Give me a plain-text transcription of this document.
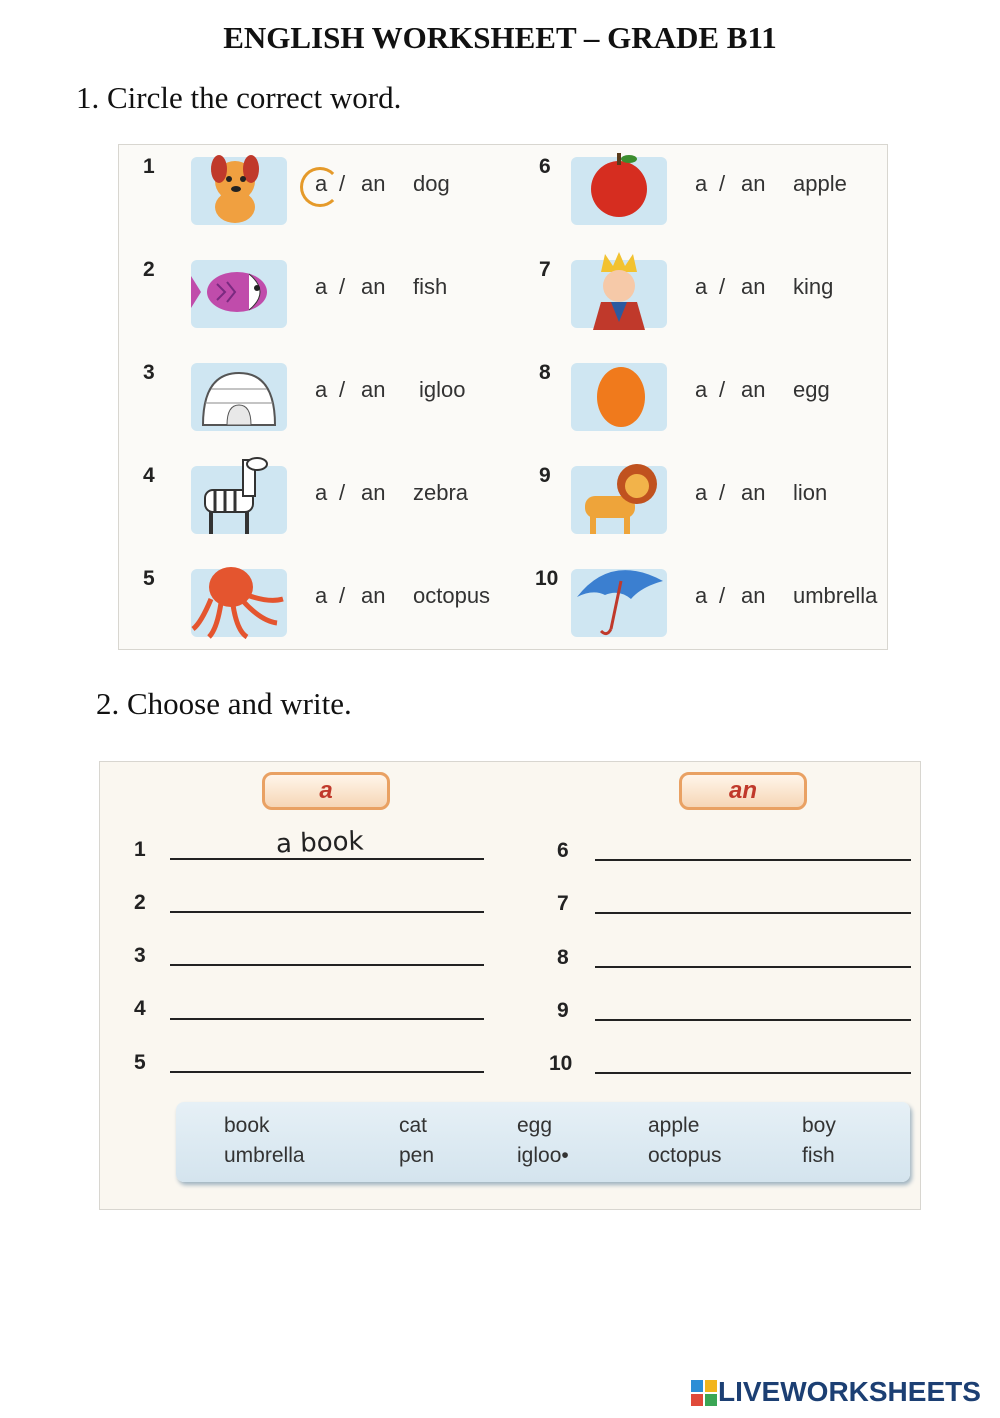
ENGLISH WORKSHEET – GRADE B11
1. Circle the correct word.
1
a / an dog
2
a / an fish
3
a / an igloo
4
a / an zebra
5
a / an octopus
6
a / an apple
7
a / an king
8
a / an egg
9
a / an lion
10
a / an umbrella
2. Choose and write.
a	an
a book
1
2
3
4
5
6
7
8
9
10
book	cat	egg	apple	boy
umbrella	pen	igloo•	octopus	fish
LIVEWORKSHEETS
